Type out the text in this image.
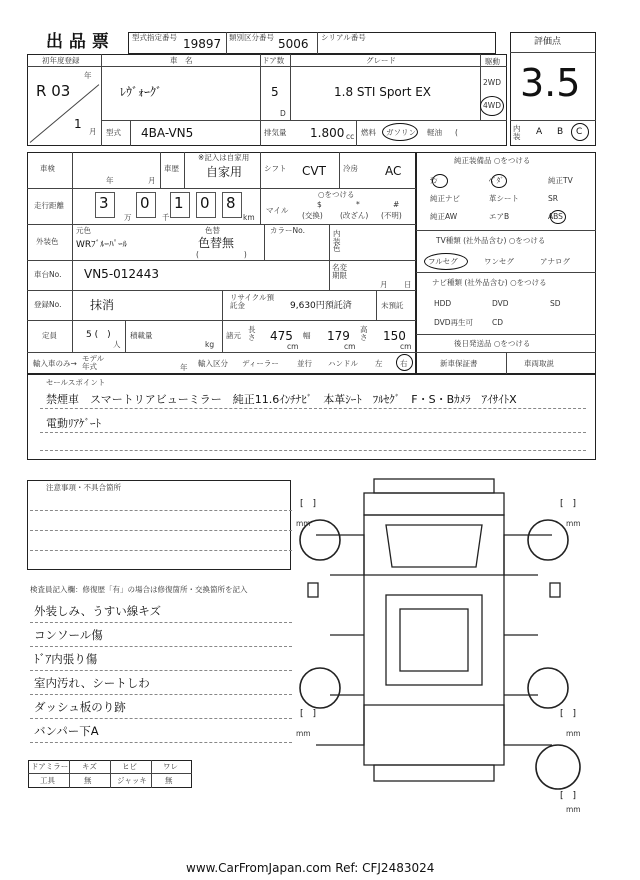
出 品 票	型式指定番号 19897 類別区分番号 5006 シリアル番号	評価点
3.5
内装 A B C
初年度登録
年
R 03
1
月
車　名
ﾚｳﾞｫｰｸﾞ
ドア数
5
D
グレード
1.8 STI Sport EX
駆動
2WD
4WD
型式 4BA-VN5	排気量 1.800 cc 燃料 ガソリン 軽油 (
車検
年	月
車歴
※記入は自家用
自家用	シフト CVT 冷房 AC
走行距離 3 0 1 0 8
万	千	km
○をつける
マイル
$
(交換)
*
(改ざん)
#
(不明)
外装色
元色
WRﾌﾞﾙｰﾊﾟｰﾙ
色替
色替無
(　　　　　　)
カラーNo.	内装色
車台No. VN5-012443	名変期限
月 日
登録No. 抹消
リサイクル預託金	9,630円預託済	未預託
定員	5 (　)
人
積載量
kg
諸元
長さ 475
cm
幅 179
cm
高さ 150
cm
輸入車のみ→
モデル年式	年 輸入区分 ディーラー 並行 ハンドル 左 右
純正装備品 ○をつける
ｻﾝ	ﾍﾞﾀﾞ	純正TV
純正ナビ	革シート	SR
純正AW	エアB	ABS
TV種類 (社外品含む) ○をつける
フルセグ	ワンセグ	アナログ
ナビ種類 (社外品含む) ○をつける
HDD	DVD	SD
DVD再生可	CD
後日発送品 ○をつける
新車保証書	車両取説
セールスポイント
禁煙車　スマートリアビューミラー　純正11.6ｲﾝﾁﾅﾋﾞ　本革ｼｰﾄ　ﾌﾙｾｸﾞ　F・S・Bｶﾒﾗ　ｱｲｻｲﾄX
電動ﾘｱｹﾞｰﾄ
注意事項・不具合箇所
検査員記入欄：修復歴「有」の場合は修復箇所・交換箇所を記入
外装しみ、うすい線キズ
コンソール傷
ﾄﾞｱ内張り傷
室内汚れ、シートしわ
ダッシュ板のり跡
バンパー下A
ドアミラー キズ	ヒビ	ワレ
工具	無	ジャッキ 無
[　]
mm
[　]
mm
[　]
mm
[　]
mm
[　]
mm
www.CarFromJapan.com Ref: CFJ2483024
